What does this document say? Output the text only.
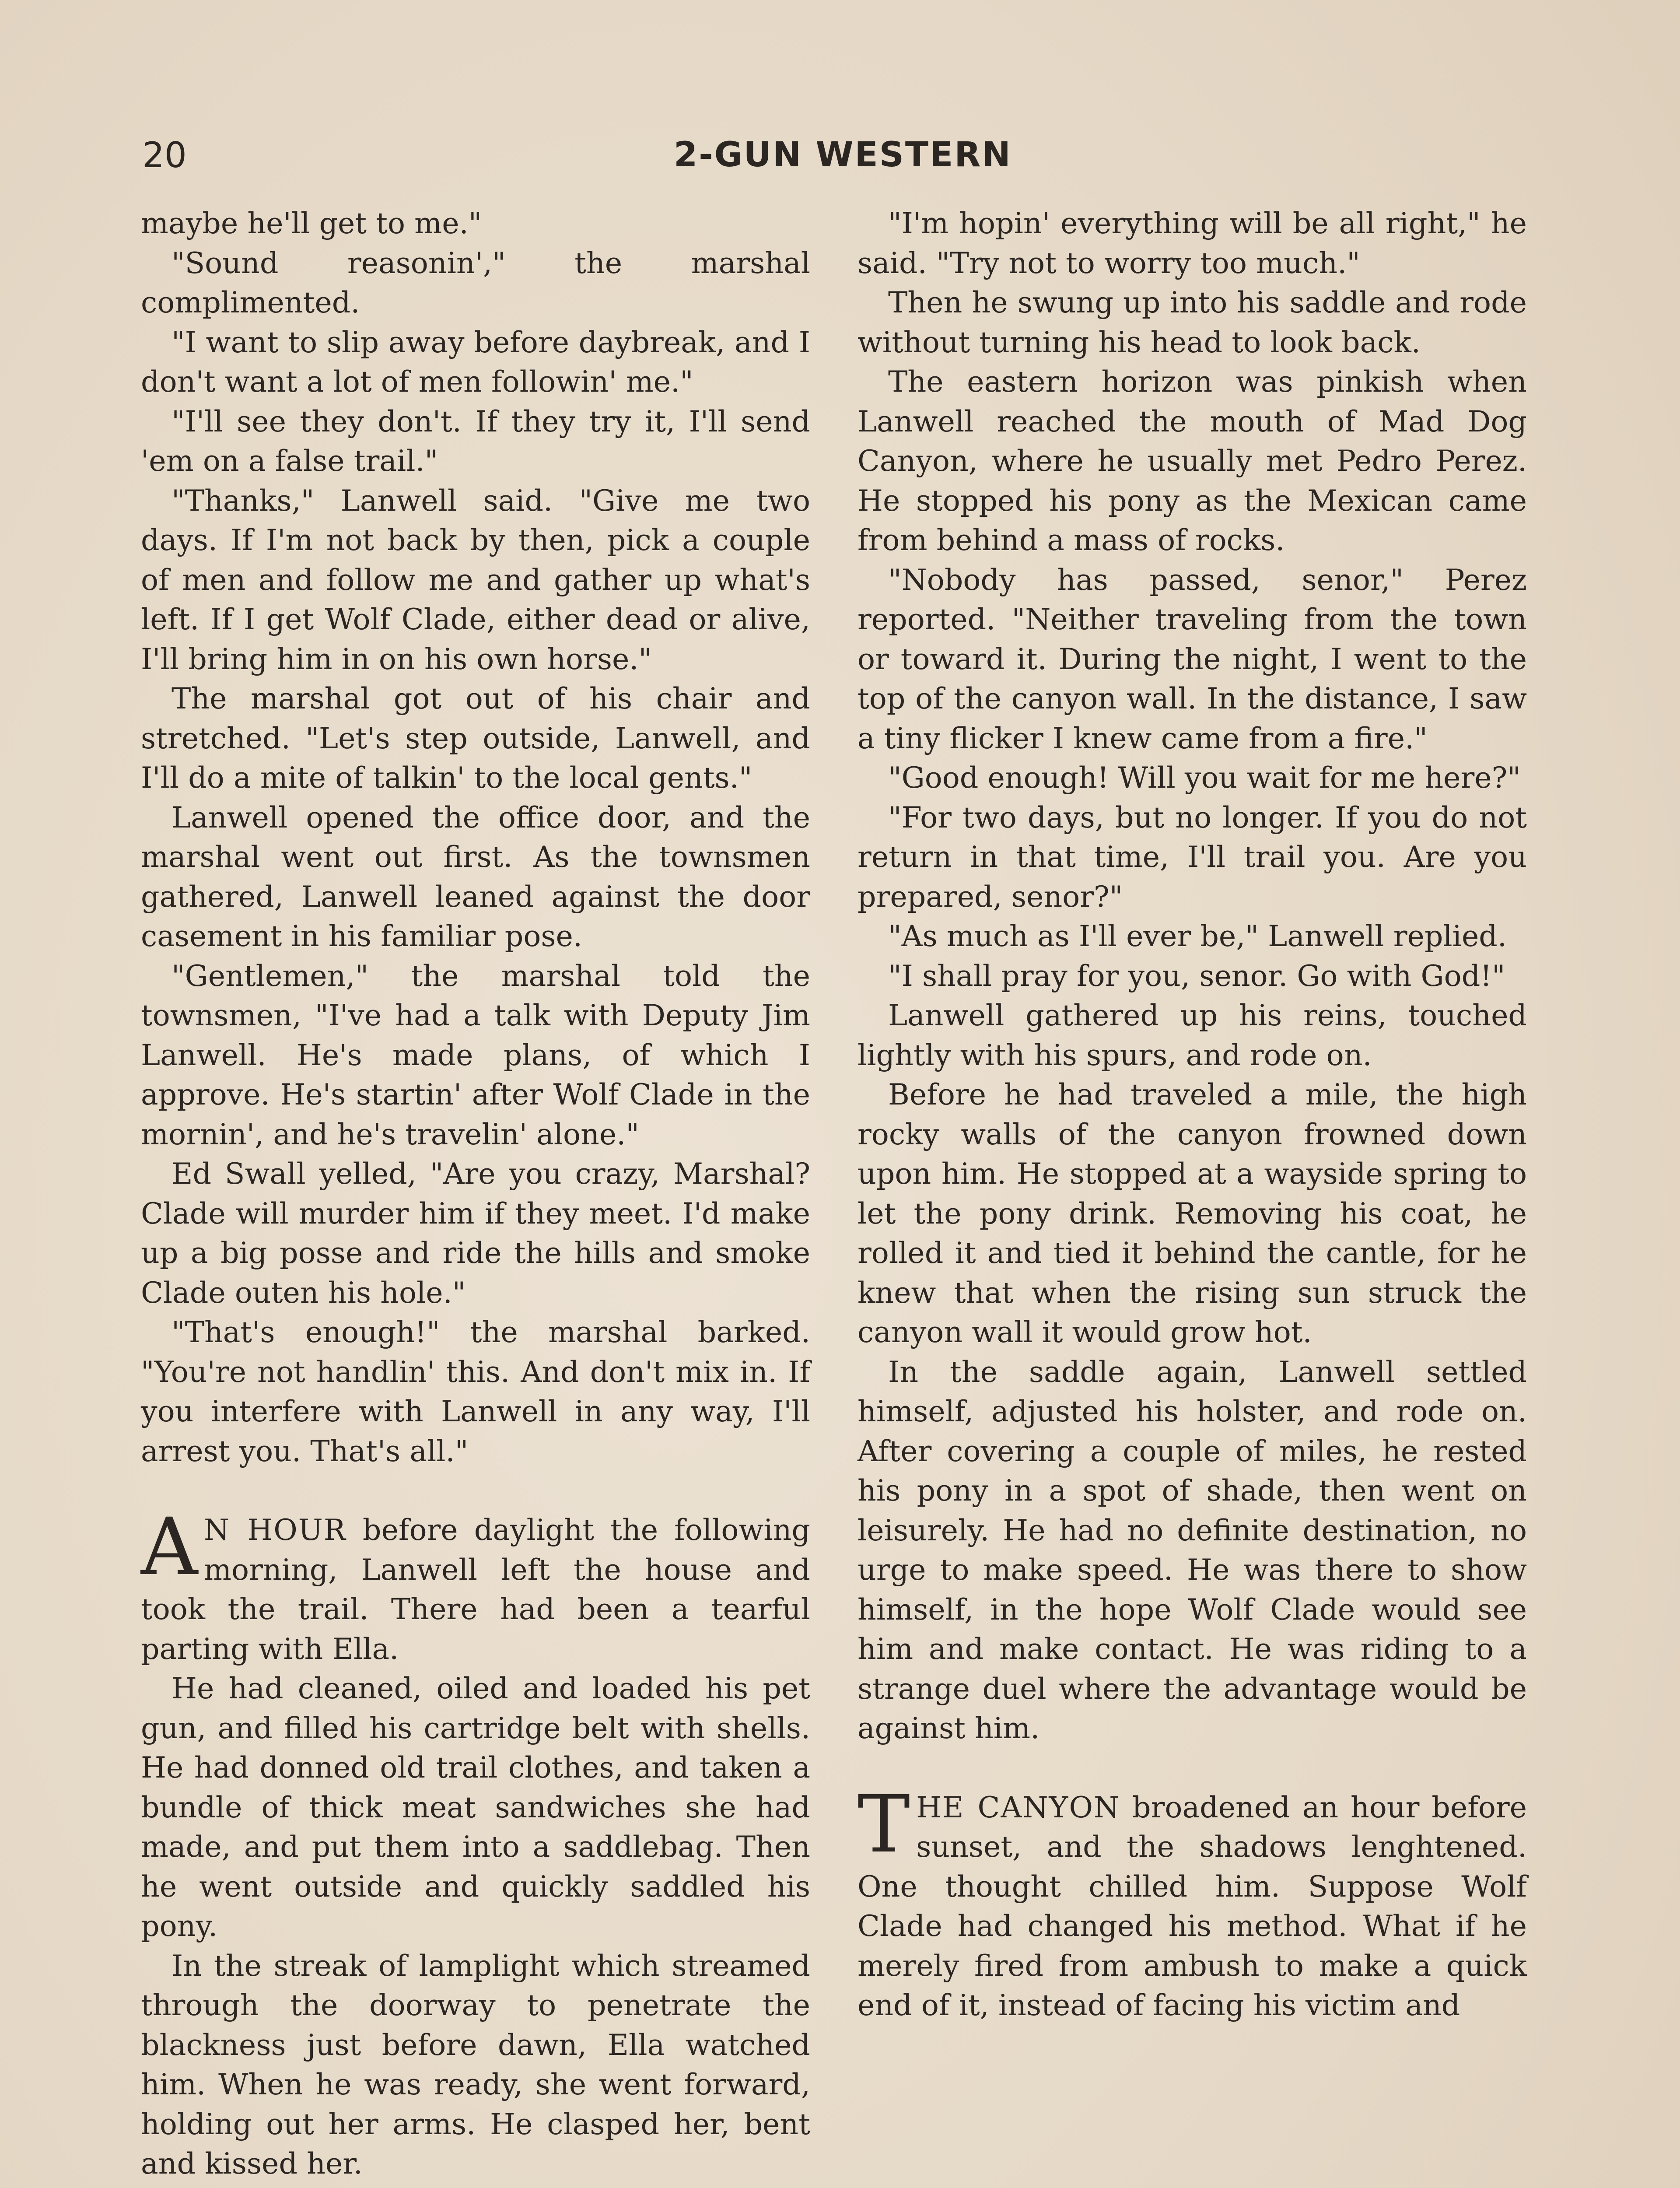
20	2-GUN WESTERN

maybe he'll get to me."

"Sound reasonin'," the marshal complimented.

"I want to slip away before daybreak, and I don't want a lot of men followin' me."

"I'll see they don't. If they try it, I'll send 'em on a false trail."

"Thanks," Lanwell said. "Give me two days. If I'm not back by then, pick a couple of men and follow me and gather up what's left. If I get Wolf Clade, either dead or alive, I'll bring him in on his own horse."

The marshal got out of his chair and stretched. "Let's step outside, Lanwell, and I'll do a mite of talkin' to the local gents."

Lanwell opened the office door, and the marshal went out first. As the townsmen gathered, Lanwell leaned against the door casement in his familiar pose.

"Gentlemen," the marshal told the townsmen, "I've had a talk with Deputy Jim Lanwell. He's made plans, of which I approve. He's startin' after Wolf Clade in the mornin', and he's travelin' alone."

Ed Swall yelled, "Are you crazy, Marshal? Clade will murder him if they meet. I'd make up a big posse and ride the hills and smoke Clade outen his hole."

"That's enough!" the marshal barked. "You're not handlin' this. And don't mix in. If you interfere with Lanwell in any way, I'll arrest you. That's all."

A N HOUR before daylight the following morning, Lanwell left the house and took the trail. There had been a tearful parting with Ella.

He had cleaned, oiled and loaded his pet gun, and filled his cartridge belt with shells. He had donned old trail clothes, and taken a bundle of thick meat sandwiches she had made, and put them into a saddlebag. Then he went outside and quickly saddled his pony.

In the streak of lamplight which streamed through the doorway to penetrate the blackness just before dawn, Ella watched him. When he was ready, she went forward, holding out her arms. He clasped her, bent and kissed her.

"I'm hopin' everything will be all right," he said. "Try not to worry too much."

Then he swung up into his saddle and rode without turning his head to look back.

The eastern horizon was pinkish when Lanwell reached the mouth of Mad Dog Canyon, where he usually met Pedro Perez. He stopped his pony as the Mexican came from behind a mass of rocks.

"Nobody has passed, senor," Perez reported. "Neither traveling from the town or toward it. During the night, I went to the top of the canyon wall. In the distance, I saw a tiny flicker I knew came from a fire."

"Good enough! Will you wait for me here?"

"For two days, but no longer. If you do not return in that time, I'll trail you. Are you prepared, senor?"

"As much as I'll ever be," Lanwell replied.

"I shall pray for you, senor. Go with God!"

Lanwell gathered up his reins, touched lightly with his spurs, and rode on.

Before he had traveled a mile, the high rocky walls of the canyon frowned down upon him. He stopped at a wayside spring to let the pony drink. Removing his coat, he rolled it and tied it behind the cantle, for he knew that when the rising sun struck the canyon wall it would grow hot.

In the saddle again, Lanwell settled himself, adjusted his holster, and rode on. After covering a couple of miles, he rested his pony in a spot of shade, then went on leisurely. He had no definite destination, no urge to make speed. He was there to show himself, in the hope Wolf Clade would see him and make contact. He was riding to a strange duel where the advantage would be against him.

THE CANYON broadened an hour before sunset, and the shadows lenghtened. One thought chilled him. Suppose Wolf Clade had changed his method. What if he merely fired from ambush to make a quick end of it, instead of facing his victim and
